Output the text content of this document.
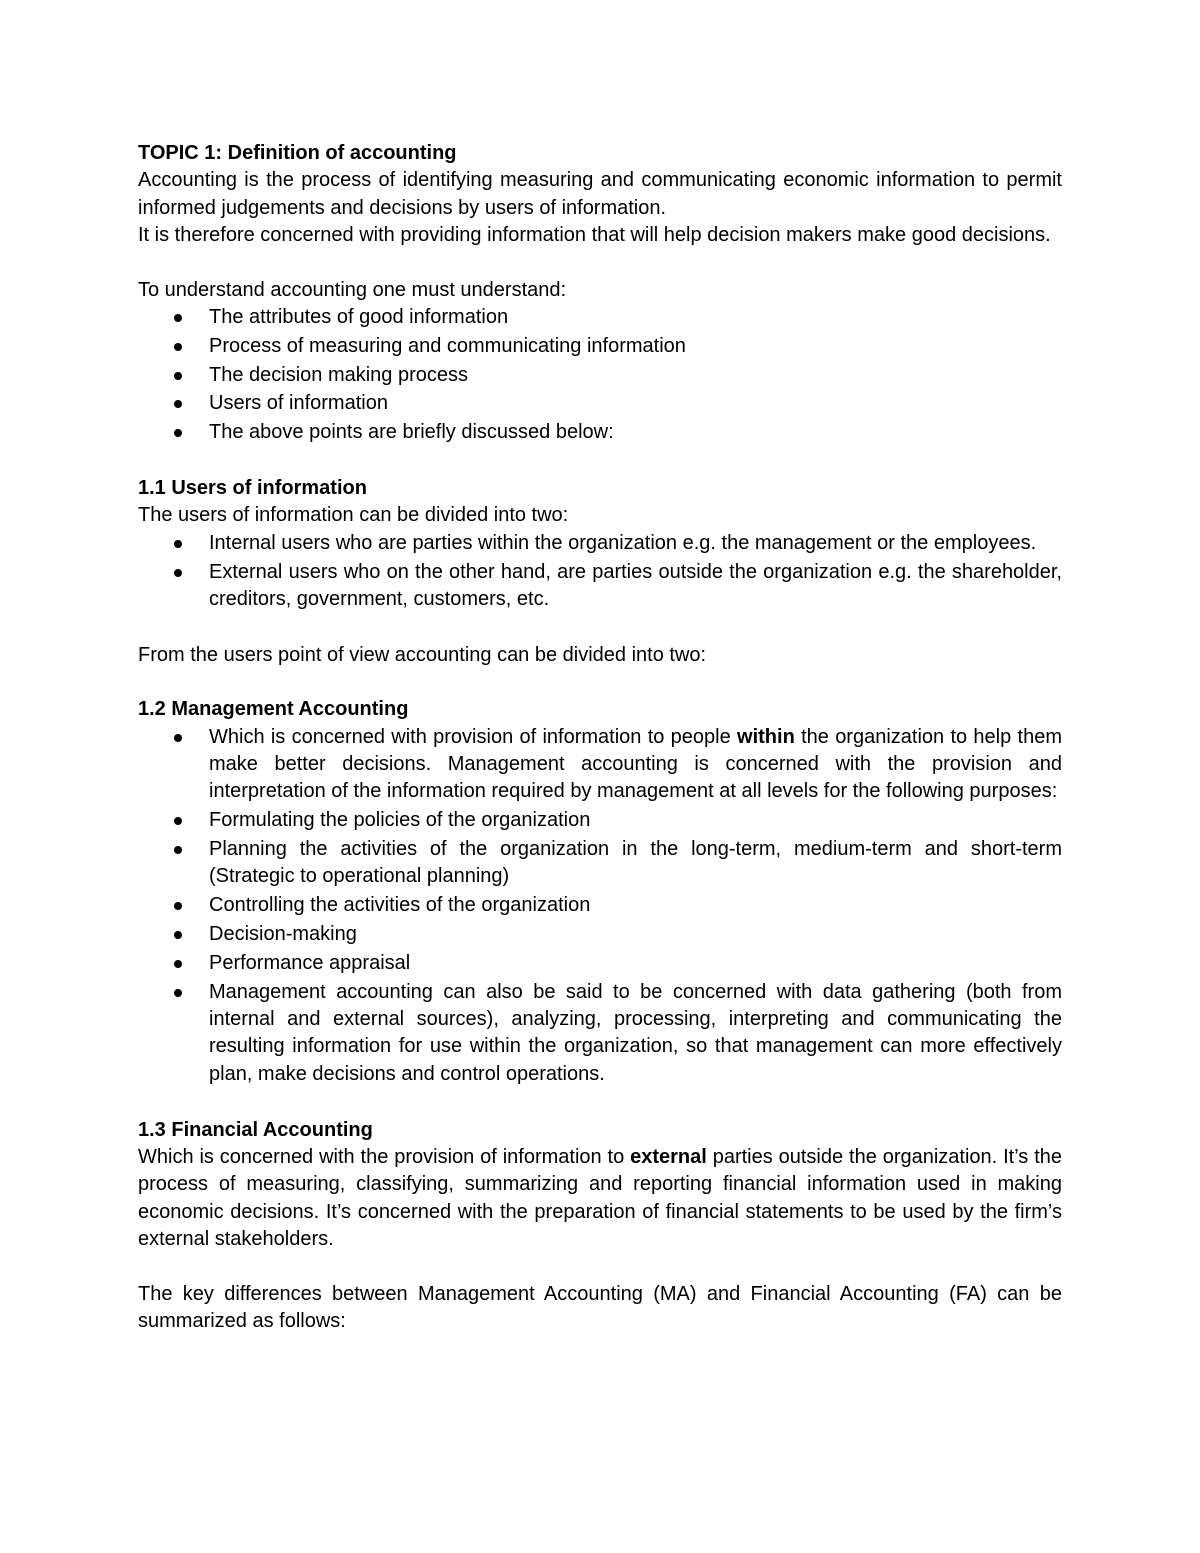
TOPIC 1: Definition of accounting

Accounting is the process of identifying measuring and communicating economic information to permit informed judgements and decisions by users of information.

It is therefore concerned with providing information that will help decision makers make good decisions.

To understand accounting one must understand:

The attributes of good information
Process of measuring and communicating information
The decision making process
Users of information
The above points are briefly discussed below:

1.1 Users of information

The users of information can be divided into two:

Internal users who are parties within the organization e.g. the management or the employees.
External users who on the other hand, are parties outside the organization e.g. the shareholder, creditors, government, customers, etc.

From the users point of view accounting can be divided into two:

1.2 Management Accounting

Which is concerned with provision of information to people within the organization to help them make better decisions. Management accounting is concerned with the provision and interpretation of the information required by management at all levels for the following purposes:
Formulating the policies of the organization
Planning the activities of the organization in the long-term, medium-term and short-term (Strategic to operational planning)
Controlling the activities of the organization
Decision-making
Performance appraisal
Management accounting can also be said to be concerned with data gathering (both from internal and external sources), analyzing, processing, interpreting and communicating the resulting information for use within the organization, so that management can more effectively plan, make decisions and control operations.

1.3 Financial Accounting

Which is concerned with the provision of information to external parties outside the organization. It’s the process of measuring, classifying, summarizing and reporting financial information used in making economic decisions. It’s concerned with the preparation of financial statements to be used by the firm’s external stakeholders.

The key differences between Management Accounting (MA) and Financial Accounting (FA) can be summarized as follows:
